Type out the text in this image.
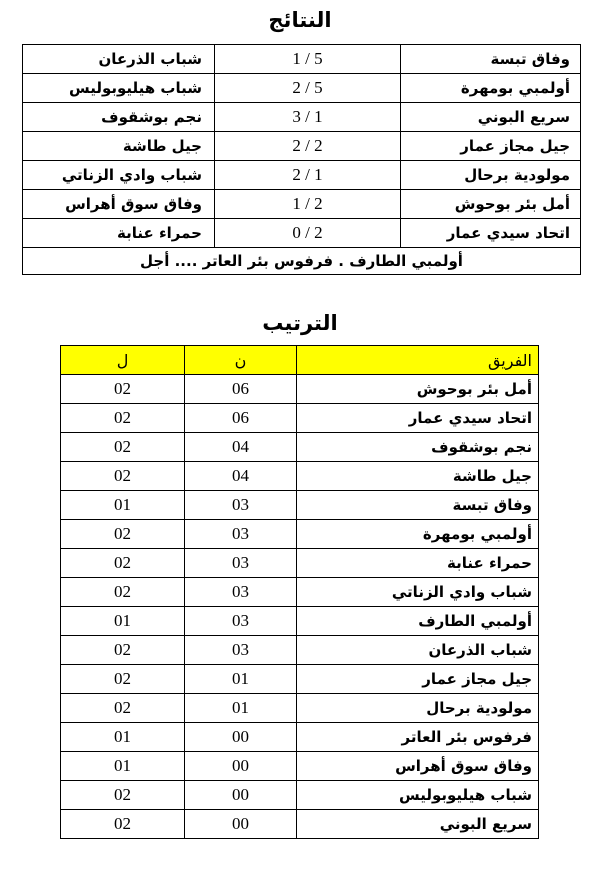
النتائج
شباب الذرعان	1 / 5	وفاق تبسة
شباب هيليوبوليس	2 / 5	أولمبي بومهرة
نجم بوشقوف	3 / 1	سريع البوني
جيل طاشة	2 / 2	جيل مجاز عمار
شباب وادي الزناتي	2 / 1	مولودية برحال
وفاق سوق أهراس	1 / 2	أمل بئر بوحوش
حمراء عنابة	0 / 2	اتحاد سيدي عمار
أولمبي الطارف . فرفوس بئر العاتر .... أجل		
الترتيب
ل	ن	الفريق
02	06	أمل بئر بوحوش
02	06	اتحاد سيدي عمار
02	04	نجم بوشقوف
02	04	جيل طاشة
01	03	وفاق تبسة
02	03	أولمبي بومهرة
02	03	حمراء عنابة
02	03	شباب وادي الزناتي
01	03	أولمبي الطارف
02	03	شباب الذرعان
02	01	جيل مجاز عمار
02	01	مولودية برحال
01	00	فرفوس بئر العاتر
01	00	وفاق سوق أهراس
02	00	شباب هيليوبوليس
02	00	سريع البوني
